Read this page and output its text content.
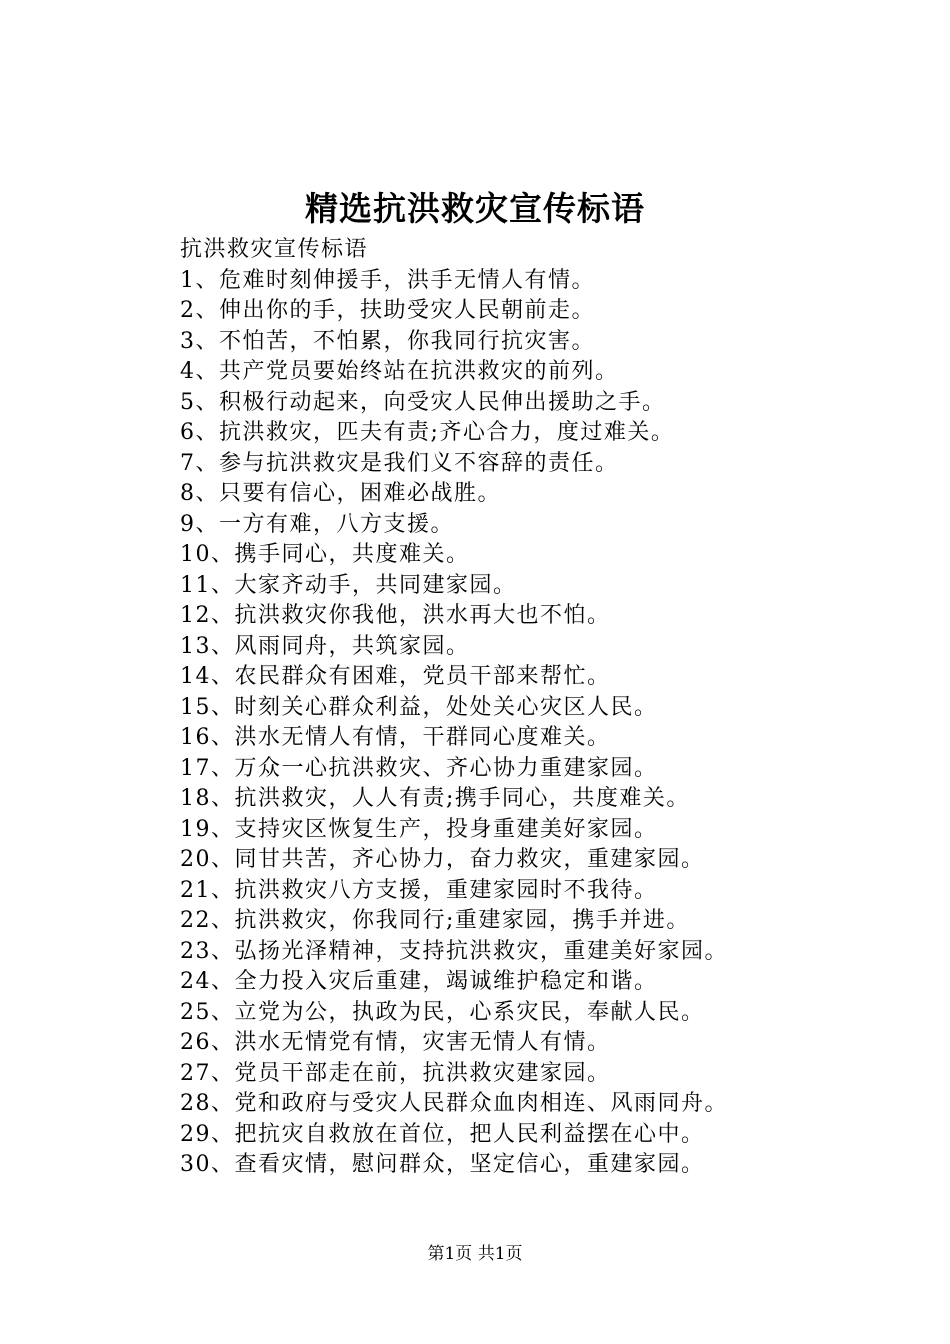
精选抗洪救灾宣传标语
抗洪救灾宣传标语
1、危难时刻伸援手，洪手无情人有情。
2、伸出你的手，扶助受灾人民朝前走。
3、不怕苦，不怕累，你我同行抗灾害。
4、共产党员要始终站在抗洪救灾的前列。
5、积极行动起来，向受灾人民伸出援助之手。
6、抗洪救灾，匹夫有责;齐心合力，度过难关。
7、参与抗洪救灾是我们义不容辞的责任。
8、只要有信心，困难必战胜。
9、一方有难，八方支援。
10、携手同心，共度难关。
11、大家齐动手，共同建家园。
12、抗洪救灾你我他，洪水再大也不怕。
13、风雨同舟，共筑家园。
14、农民群众有困难，党员干部来帮忙。
15、时刻关心群众利益，处处关心灾区人民。
16、洪水无情人有情，干群同心度难关。
17、万众一心抗洪救灾、齐心协力重建家园。
18、抗洪救灾，人人有责;携手同心，共度难关。
19、支持灾区恢复生产，投身重建美好家园。
20、同甘共苦，齐心协力，奋力救灾，重建家园。
21、抗洪救灾八方支援，重建家园时不我待。
22、抗洪救灾，你我同行;重建家园，携手并进。
23、弘扬光泽精神，支持抗洪救灾，重建美好家园。
24、全力投入灾后重建，竭诚维护稳定和谐。
25、立党为公，执政为民，心系灾民，奉献人民。
26、洪水无情党有情，灾害无情人有情。
27、党员干部走在前，抗洪救灾建家园。
28、党和政府与受灾人民群众血肉相连、风雨同舟。
29、把抗灾自救放在首位，把人民利益摆在心中。
30、查看灾情，慰问群众，坚定信心，重建家园。
第1页 共1页
